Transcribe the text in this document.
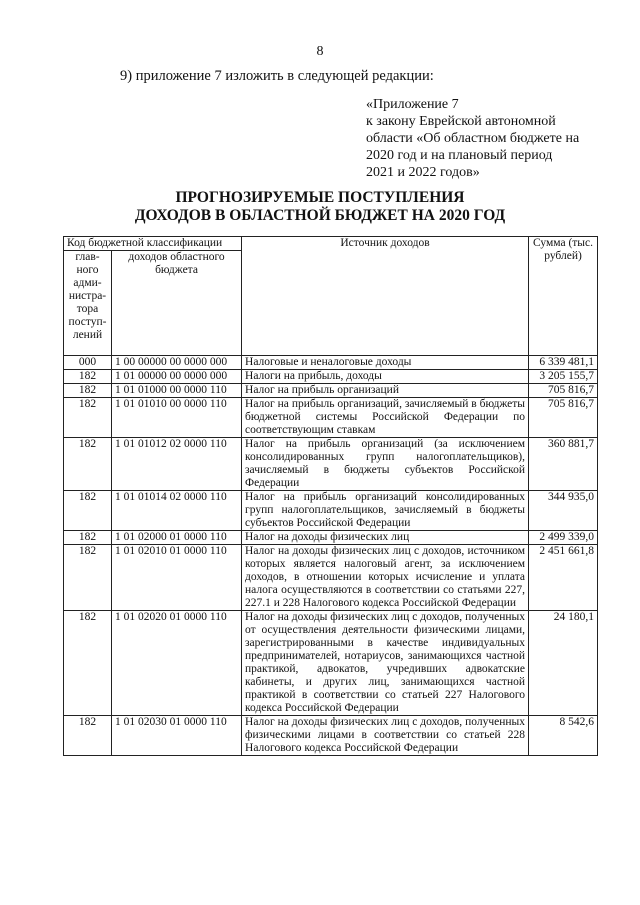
8
9) приложение 7 изложить в следующей редакции:
«Приложение 7
к закону Еврейской автономной
области «Об областном бюджете на
2020 год и на плановый период
2021 и 2022 годов»
ПРОГНОЗИРУЕМЫЕ ПОСТУПЛЕНИЯ
ДОХОДОВ В ОБЛАСТНОЙ БЮДЖЕТ НА 2020 ГОД
Код бюджетной классификации		Источник доходов	Сумма (тыс. рублей)
глав-ного адми-нистра-тора поступ-лений	доходов областного бюджета		
000	1 00 00000 00 0000 000	Налоговые и неналоговые доходы	6 339 481,1
182	1 01 00000 00 0000 000	Налоги на прибыль, доходы	3 205 155,7
182	1 01 01000 00 0000 110	Налог на прибыль организаций	705 816,7
182	1 01 01010 00 0000 110	Налог на прибыль организаций, зачисляемый в бюджеты бюджетной системы Российской Федерации по соответствующим ставкам	705 816,7
182	1 01 01012 02 0000 110	Налог на прибыль организаций (за исключением консолидированных групп налогоплательщиков), зачисляемый в бюджеты субъектов Российской Федерации	360 881,7
182	1 01 01014 02 0000 110	Налог на прибыль организаций консолидированных групп налогоплательщиков, зачисляемый в бюджеты субъектов Российской Федерации	344 935,0
182	1 01 02000 01 0000 110	Налог на доходы физических лиц	2 499 339,0
182	1 01 02010 01 0000 110	Налог на доходы физических лиц с доходов, источником которых является налоговый агент, за исключением доходов, в отношении которых исчисление и уплата налога осуществляются в соответствии со статьями 227, 227.1 и 228 Налогового кодекса Российской Федерации	2 451 661,8
182	1 01 02020 01 0000 110	Налог на доходы физических лиц с доходов, полученных от осуществления деятельности физическими лицами, зарегистрированными в качестве индивидуальных предпринимателей, нотариусов, занимающихся частной практикой, адвокатов, учредивших адвокатские кабинеты, и других лиц, занимающихся частной практикой в соответствии со статьей 227 Налогового кодекса Российской Федерации	24 180,1
182	1 01 02030 01 0000 110	Налог на доходы физических лиц с доходов, полученных физическими лицами в соответствии со статьей 228 Налогового кодекса Российской Федерации	8 542,6
